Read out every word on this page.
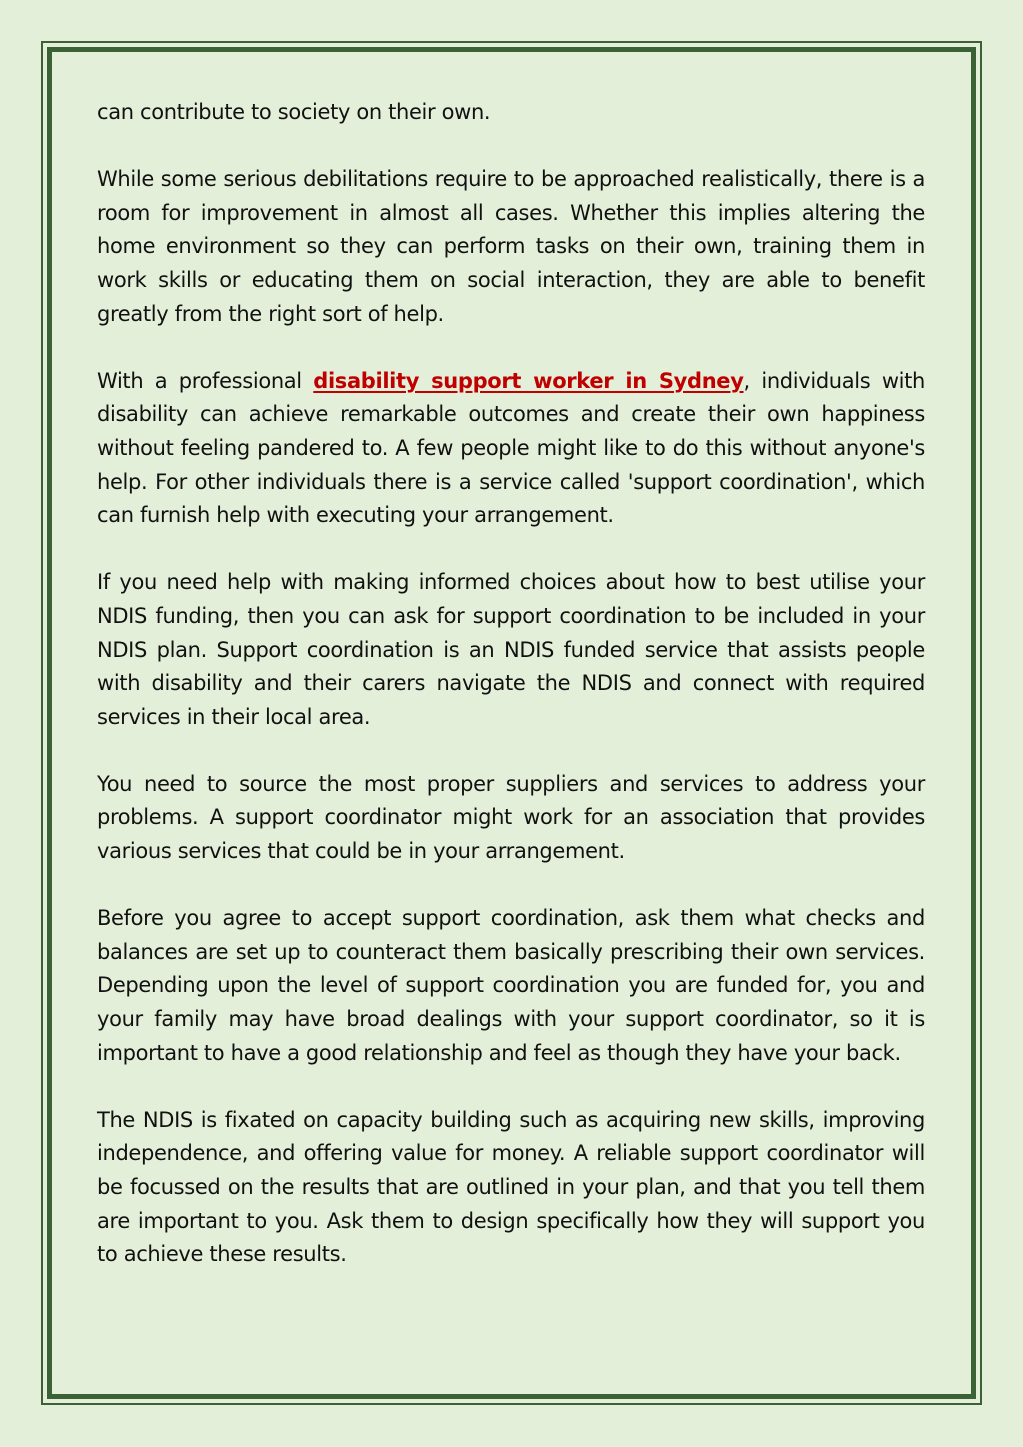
can contribute to society on their own.

While some serious debilitations require to be approached realistically, there is a room for improvement in almost all cases. Whether this implies altering the home environment so they can perform tasks on their own, training them in work skills or educating them on social interaction, they are able to benefit greatly from the right sort of help.

With a professional disability support worker in Sydney, individuals with disability can achieve remarkable outcomes and create their own happiness without feeling pandered to. A few people might like to do this without anyone's help. For other individuals there is a service called 'support coordination', which can furnish help with executing your arrangement.

If you need help with making informed choices about how to best utilise your NDIS funding, then you can ask for support coordination to be included in your NDIS plan. Support coordination is an NDIS funded service that assists people with disability and their carers navigate the NDIS and connect with required services in their local area.

You need to source the most proper suppliers and services to address your problems. A support coordinator might work for an association that provides various services that could be in your arrangement.

Before you agree to accept support coordination, ask them what checks and balances are set up to counteract them basically prescribing their own services. Depending upon the level of support coordination you are funded for, you and your family may have broad dealings with your support coordinator, so it is important to have a good relationship and feel as though they have your back.

The NDIS is fixated on capacity building such as acquiring new skills, improving independence, and offering value for money. A reliable support coordinator will be focussed on the results that are outlined in your plan, and that you tell them are important to you. Ask them to design specifically how they will support you to achieve these results.
